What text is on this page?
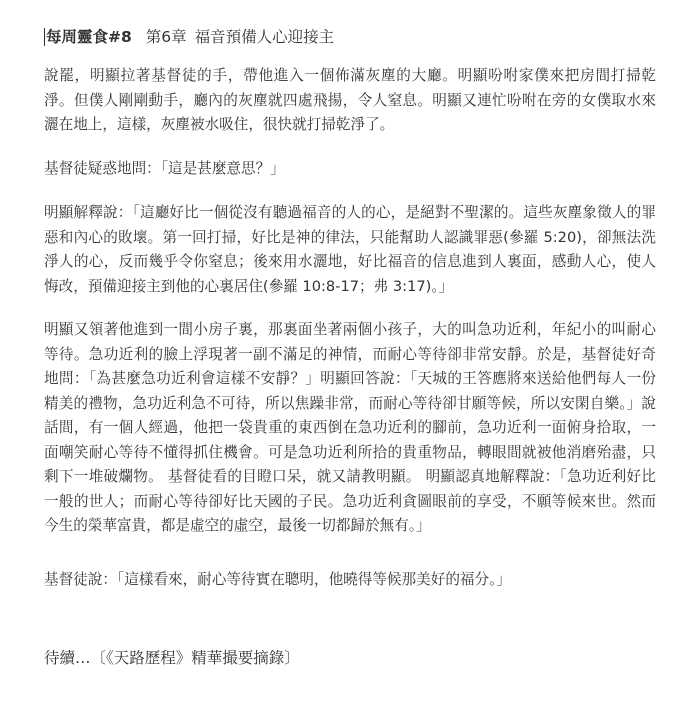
每周靈食#8 第6章 福音預備人心迎接主

說罷，明顯拉著基督徒的手，帶他進入一個佈滿灰塵的大廳。明顯吩咐家僕來把房間打掃乾淨。但僕人剛剛動手，廳內的灰塵就四處飛揚，令人窒息。明顯又連忙吩咐在旁的女僕取水來灑在地上，這樣，灰塵被水吸住，很快就打掃乾淨了。

基督徒疑惑地問：「這是甚麼意思？」

明顯解釋說：「這廳好比一個從沒有聽過福音的人的心，是絕對不聖潔的。這些灰塵象徵人的罪惡和內心的敗壞。第一回打掃，好比是神的律法，只能幫助人認識罪惡(參羅 5:20)，卻無法洗淨人的心，反而幾乎令你窒息；後來用水灑地，好比福音的信息進到人裏面，感動人心，使人悔改，預備迎接主到他的心裏居住(參羅 10:8-17；弗 3:17)。」

明顯又領著他進到一間小房子裏，那裏面坐著兩個小孩子，大的叫急功近利，年紀小的叫耐心等待。急功近利的臉上浮現著一副不滿足的神情，而耐心等待卻非常安靜。於是，基督徒好奇地問：「為甚麼急功近利會這樣不安靜？」明顯回答說：「天城的王答應將來送給他們每人一份精美的禮物，急功近利急不可待，所以焦躁非常，而耐心等待卻甘願等候，所以安閑自樂。」說話間，有一個人經過，他把一袋貴重的東西倒在急功近利的腳前，急功近利一面俯身拾取，一面嘲笑耐心等待不懂得抓住機會。可是急功近利所拾的貴重物品，轉眼間就被他消磨殆盡，只剩下一堆破爛物。 基督徒看的目瞪口呆，就又請教明顯。 明顯認真地解釋說：「急功近利好比一般的世人；而耐心等待卻好比天國的子民。急功近利貪圖眼前的享受，不願等候來世。然而今生的榮華富貴，都是虛空的虛空，最後一切都歸於無有。」

基督徒說：「這樣看來，耐心等待實在聰明，他曉得等候那美好的福分。」

待續…〔《天路歷程》精華撮要摘錄〕
